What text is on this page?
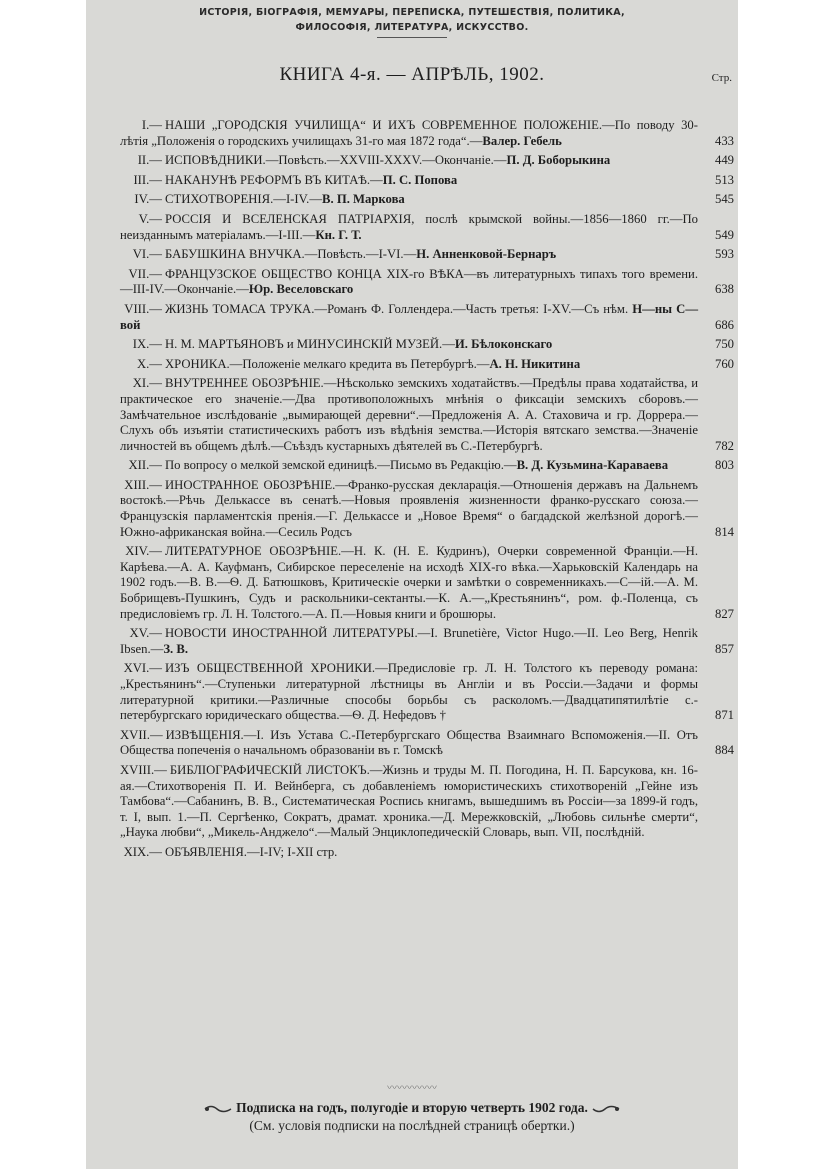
ИСТОРІЯ, БІОГРАФІЯ, МЕМУАРЫ, ПЕРЕПИСКА, ПУТЕШЕСТВІЯ, ПОЛИТИКА,
ФИЛОСОФІЯ, ЛИТЕРАТУРА, ИСКУССТВО.
КНИГА 4-я. — АПРѢЛЬ, 1902.	Стр.
I.— НАШИ „ГОРОДСКІЯ УЧИЛИЩА“ И ИХЪ СОВРЕМЕННОЕ ПОЛОЖЕНІЕ.—По поводу 30-лѣтія „Положенія о городскихъ училищахъ 31-го мая 1872 года“.—Валер. Гебель	433
II.— ИСПОВѢДНИКИ.—Повѣсть.—XXVIII-XXXV.—Окончаніе.—П. Д. Боборыкина	449
III.— НАКАНУНѢ РЕФОРМЪ ВЪ КИТАѢ.—П. С. Попова	513
IV.— СТИХОТВОРЕНІЯ.—I-IV.—В. П. Маркова	545
V.— РОССІЯ И ВСЕЛЕНСКАЯ ПАТРІАРХІЯ, послѣ крымской войны.—1856—1860 гг.—По неизданнымъ матеріаламъ.—I-III.—Кн. Г. Т.	549
VI.— БАБУШКИНА ВНУЧКА.—Повѣсть.—I-VI.—Н. Анненковой-Бернаръ	593
VII.— ФРАНЦУЗСКОЕ ОБЩЕСТВО КОНЦА XIX-го ВѢКА—въ литературныхъ типахъ того времени.—III-IV.—Окончаніе.—Юр. Веселовскаго	638
VIII.— ЖИЗНЬ ТОМАСА ТРУКА.—Романъ Ф. Голлендера.—Часть третья: I-XV.—Съ нѣм. Н—ны С—вой	686
IX.— Н. М. МАРТЬЯНОВЪ и МИНУСИНСКІЙ МУЗЕЙ.—И. Бѣлоконскаго	750
X.— ХРОНИКА.—Положеніе мелкаго кредита въ Петербургѣ.—А. Н. Никитина	760
XI.— ВНУТРЕННЕЕ ОБОЗРѢНІЕ.—Нѣсколько земскихъ ходатайствъ.—Предѣлы права ходатайства, и практическое его значеніе.—Два противоположныхъ мнѣнія о фиксаціи земскихъ сборовъ.—Замѣчательное изслѣдованіе „вымирающей деревни“.—Предложенія А. А. Стаховича и гр. Доррера.—Слухъ объ изъятіи статистическихъ работъ изъ вѣдѣнія земства.—Исторія вятскаго земства.—Значеніе личностей въ общемъ дѣлѣ.—Съѣздъ кустарныхъ дѣятелей въ С.-Петербургѣ.	782
XII.— По вопросу о мелкой земской единицѣ.—Письмо въ Редакцію.—В. Д. Кузьмина-Караваева	803
XIII.— ИНОСТРАННОЕ ОБОЗРѢНІЕ.—Франко-русская декларація.—Отношенія державъ на Дальнемъ востокѣ.—Рѣчь Делькассе въ сенатѣ.—Новыя проявленія жизненности франко-русскаго союза.—Французскія парламентскія пренія.—Г. Делькассе и „Новое Время“ о багдадской желѣзной дорогѣ.—Южно-африканская война.—Сесиль Родсъ	814
XIV.— ЛИТЕРАТУРНОЕ ОБОЗРѢНІЕ.—Н. К. (Н. Е. Кудринъ), Очерки современной Франціи.—Н. Карѣева.—А. А. Кауфманъ, Сибирское переселеніе на исходѣ XIX-го вѣка.—Харьковскій Календарь на 1902 годъ.—В. В.—Ѳ. Д. Батюшковъ, Критическіе очерки и замѣтки о современникахъ.—С—iй.—А. М. Бобрищевъ-Пушкинъ, Судъ и раскольники-сектанты.—К. А.—„Крестьянинъ“, ром. ф.-Поленца, съ предисловіемъ гр. Л. Н. Толстого.—А. П.—Новыя книги и брошюры.	827
XV.— НОВОСТИ ИНОСТРАННОЙ ЛИТЕРАТУРЫ.—I. Brunetière, Victor Hugo.—II. Leo Berg, Henrik Ibsen.—З. В.	857
XVI.— ИЗЪ ОБЩЕСТВЕННОЙ ХРОНИКИ.—Предисловіе гр. Л. Н. Толстого къ переводу романа: „Крестьянинъ“.—Ступеньки литературной лѣстницы въ Англіи и въ Россіи.—Задачи и формы литературной критики.—Различные способы борьбы съ расколомъ.—Двадцатипятилѣтіе с.-петербургскаго юридическаго общества.—Ѳ. Д. Нефедовъ †	871
XVII.— ИЗВѢЩЕНІЯ.—I. Изъ Устава С.-Петербургскаго Общества Взаимнаго Вспоможенія.—II. Отъ Общества попеченія о начальномъ образованіи въ г. Томскѣ	884
XVIII.— БИБЛІОГРАФИЧЕСКІЙ ЛИСТОКЪ.—Жизнь и труды М. П. Погодина, Н. П. Барсукова, кн. 16-ая.—Стихотворенія П. И. Вейнберга, съ добавленіемъ юмористическихъ стихотвореній „Гейне изъ Тамбова“.—Сабанинъ, В. В., Систематическая Роспись книгамъ, вышедшимъ въ Россіи—за 1899-й годъ, т. I, вып. 1.—П. Сергѣенко, Сократъ, драмат. хроника.—Д. Мережковскій, „Любовь сильнѣе смерти“, „Наука любви“, „Микель-Анджело“.—Малый Энциклопедическій Словарь, вып. VII, послѣдній.
XIX.— ОБЪЯВЛЕНІЯ.—I-IV; I-XII стр.
〰〰〰〰〰
Подписка на годъ, полугодіе и вторую четверть 1902 года.
(См. условія подписки на послѣдней страницѣ обертки.)
